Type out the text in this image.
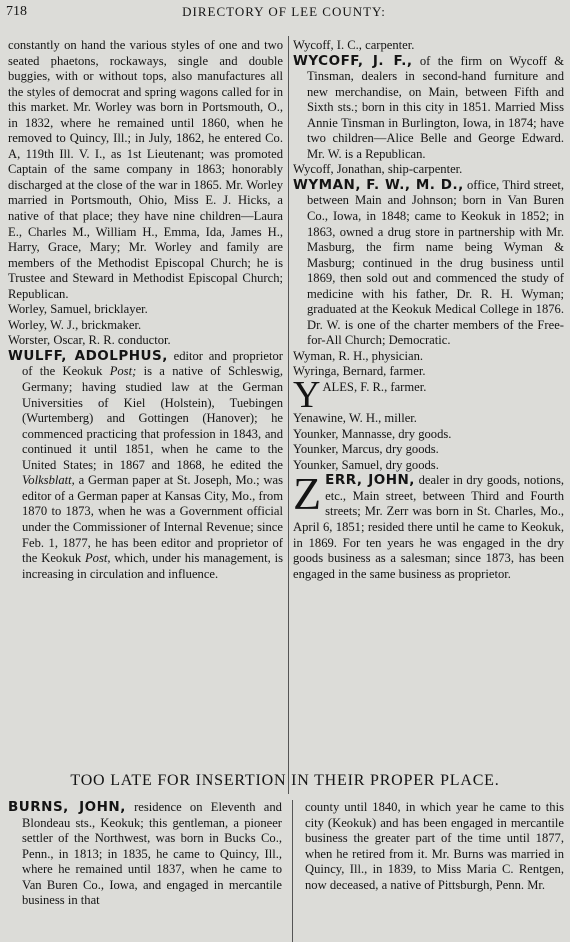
718	DIRECTORY OF LEE COUNTY:

constantly on hand the various styles of one and two seated phaetons, rockaways, single and double buggies, with or without tops, also manufactures all the styles of democrat and spring wagons called for in this market. Mr. Worley was born in Portsmouth, O., in 1832, where he remained until 1860, when he removed to Quincy, Ill.; in July, 1862, he entered Co. A, 119th Ill. V. I., as 1st Lieutenant; was promoted Captain of the same company in 1863; honorably discharged at the close of the war in 1865. Mr. Worley married in Portsmouth, Ohio, Miss E. J. Hicks, a native of that place; they have nine children—Laura E., Charles M., William H., Emma, Ida, James H., Harry, Grace, Mary; Mr. Worley and family are members of the Methodist Episcopal Church; he is Trustee and Steward in Methodist Episcopal Church; Republican.

Worley, Samuel, bricklayer.

Worley, W. J., brickmaker.

Worster, Oscar, R. R. conductor.

WULFF, ADOLPHUS, editor and proprietor of the Keokuk Post; is a native of Schleswig, Germany; having studied law at the German Universities of Kiel (Holstein), Tuebingen (Wurtemberg) and Gottingen (Hanover); he commenced practicing that profession in 1843, and continued it until 1851, when he came to the United States; in 1867 and 1868, he edited the Volksblatt, a German paper at St. Joseph, Mo.; was editor of a German paper at Kansas City, Mo., from 1870 to 1873, when he was a Government official under the Commissioner of Internal Revenue; since Feb. 1, 1877, he has been editor and proprietor of the Keokuk Post, which, under his management, is increasing in circulation and influence.

Wycoff, I. C., carpenter.

WYCOFF, J. F., of the firm on Wycoff & Tinsman, dealers in second-hand furniture and new merchandise, on Main, between Fifth and Sixth sts.; born in this city in 1851. Married Miss Annie Tinsman in Burlington, Iowa, in 1874; have two children—Alice Belle and George Edward. Mr. W. is a Republican.

Wycoff, Jonathan, ship-carpenter.

WYMAN, F. W., M. D., office, Third street, between Main and Johnson; born in Van Buren Co., Iowa, in 1848; came to Keokuk in 1852; in 1863, owned a drug store in partnership with Mr. Masburg, the firm name being Wyman & Masburg; continued in the drug business until 1869, then sold out and commenced the study of medicine with his father, Dr. R. H. Wyman; graduated at the Keokuk Medical College in 1876. Dr. W. is one of the charter members of the Free-for-All Church; Democratic.

Wyman, R. H., physician.

Wyringa, Bernard, farmer.

YALES, F. R., farmer.

Yenawine, W. H., miller.

Younker, Mannasse, dry goods.

Younker, Marcus, dry goods.

Younker, Samuel, dry goods.

ZERR, JOHN, dealer in dry goods, notions, etc., Main street, between Third and Fourth streets; Mr. Zerr was born in St. Charles, Mo., April 6, 1851; resided there until he came to Keokuk, in 1869. For ten years he was engaged in the dry goods business as a salesman; since 1873, has been engaged in the same business as proprietor.

TOO LATE FOR INSERTION IN THEIR PROPER PLACE.

BURNS, JOHN, residence on Eleventh and Blondeau sts., Keokuk; this gentleman, a pioneer settler of the Northwest, was born in Bucks Co., Penn., in 1813; in 1835, he came to Quincy, Ill., where he remained until 1837, when he came to Van Buren Co., Iowa, and engaged in mercantile business in that

county until 1840, in which year he came to this city (Keokuk) and has been engaged in mercantile business the greater part of the time until 1877, when he retired from it. Mr. Burns was married in Quincy, Ill., in 1839, to Miss Maria C. Rentgen, now deceased, a native of Pittsburgh, Penn. Mr.
